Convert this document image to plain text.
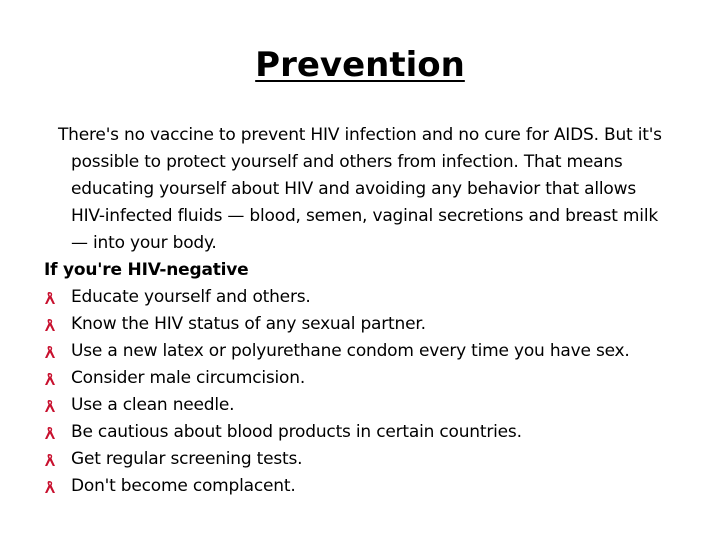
Prevention

There's no vaccine to prevent HIV infection and no cure for AIDS. But it's possible to protect yourself and others from infection. That means educating yourself about HIV and avoiding any behavior that allows HIV-infected fluids — blood, semen, vaginal secretions and breast milk — into your body.

If you're HIV-negative

Educate yourself and others.
Know the HIV status of any sexual partner.
Use a new latex or polyurethane condom every time you have sex.
Consider male circumcision.
Use a clean needle.
Be cautious about blood products in certain countries.
Get regular screening tests.
Don't become complacent.
